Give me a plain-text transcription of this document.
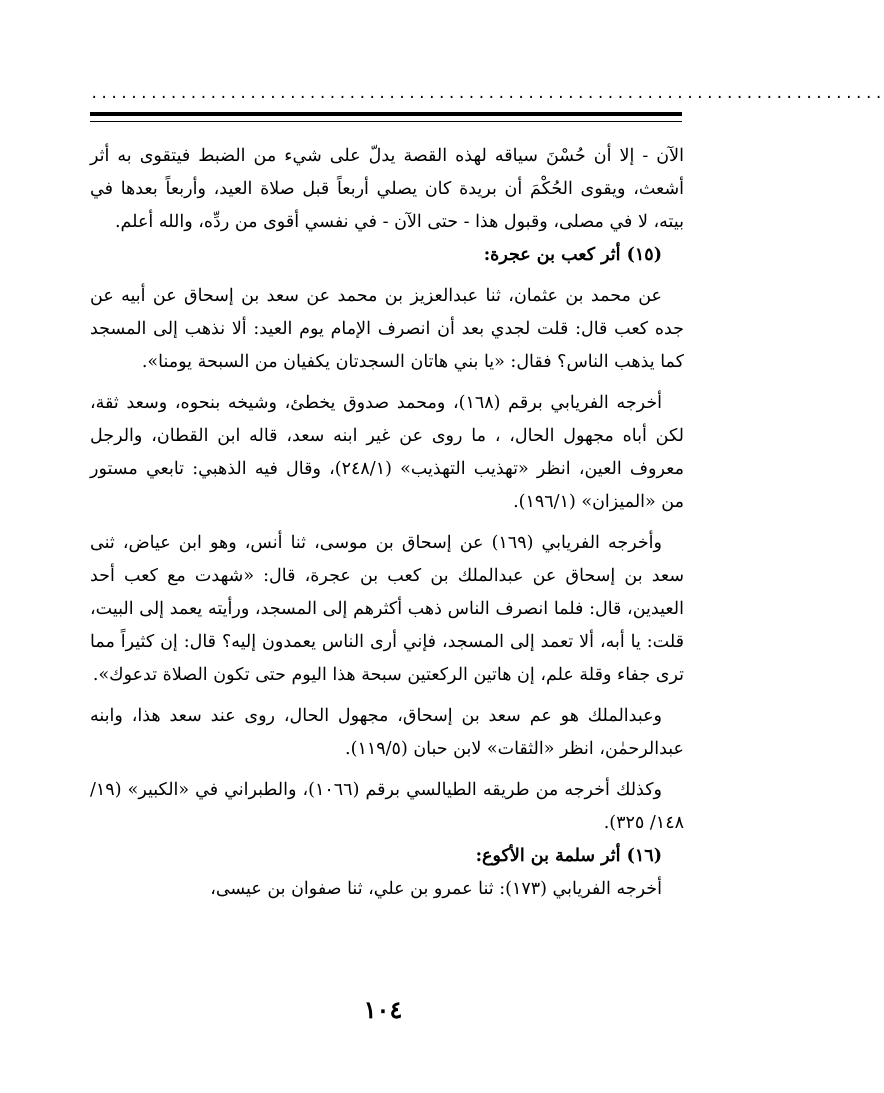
................................................................................

الآن - إلا أن حُسْنَ سياقه لهذه القصة يدلّ على شيء من الضبط فيتقوى به أثر أشعث، ويقوى الحُكْمَ أن بريدة كان يصلي أربعاً قبل صلاة العيد، وأربعاً بعدها في بيته، لا في مصلى، وقبول هذا - حتى الآن - في نفسي أقوى من ردِّه، والله أعلم.

(١٥) أثر كعب بن عجرة:

عن محمد بن عثمان، ثنا عبدالعزيز بن محمد عن سعد بن إسحاق عن أبيه عن جده كعب قال: قلت لجدي بعد أن انصرف الإمام يوم العيد: ألا نذهب إلى المسجد كما يذهب الناس؟ فقال: «يا بني هاتان السجدتان يكفيان من السبحة يومنا».

أخرجه الفريابي برقم (١٦٨)، ومحمد صدوق يخطئ، وشيخه بنحوه، وسعد ثقة، لكن أباه مجهول الحال، ، ما روى عن غير ابنه سعد، قاله ابن القطان، والرجل معروف العين، انظر «تهذيب التهذيب» (٢٤٨/١)، وقال فيه الذهبي: تابعي مستور من «الميزان» (١٩٦/١).

وأخرجه الفريابي (١٦٩) عن إسحاق بن موسى، ثنا أنس، وهو ابن عياض، ثنى سعد بن إسحاق عن عبدالملك بن كعب بن عجرة، قال: «شهدت مع كعب أحد العيدين، قال: فلما انصرف الناس ذهب أكثرهم إلى المسجد، ورأيته يعمد إلى البيت، قلت: يا أبه، ألا تعمد إلى المسجد، فإني أرى الناس يعمدون إليه؟ قال: إن كثيراً مما ترى جفاء وقلة علم، إن هاتين الركعتين سبحة هذا اليوم حتى تكون الصلاة تدعوك».

وعبدالملك هو عم سعد بن إسحاق، مجهول الحال، روى عند سعد هذا، وابنه عبدالرحمٰن، انظر «الثقات» لابن حبان (١١٩/٥).

وكذلك أخرجه من طريقه الطيالسي برقم (١٠٦٦)، والطبراني في «الكبير» (١٩/ ١٤٨/ ٣٢٥).

(١٦) أثر سلمة بن الأكوع:

أخرجه الفريابي (١٧٣): ثنا عمرو بن علي، ثنا صفوان بن عيسى،

١٠٤
